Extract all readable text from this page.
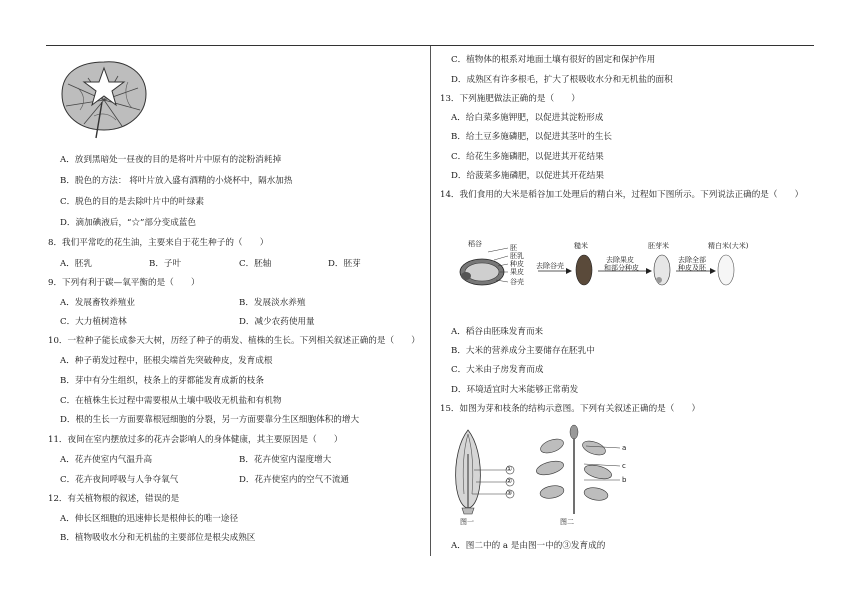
A．放到黑暗处一昼夜的目的是将叶片中原有的淀粉消耗掉
B．脱色的方法： 将叶片放入盛有酒精的小烧杯中，隔水加热
C．脱色的目的是去除叶片中的叶绿素
D．滴加碘液后，“☆”部分变成蓝色
8．我们平常吃的花生油，主要来自于花生种子的（　　）
A．胚乳	B．子叶	C．胚轴	D．胚芽
9．下列有利于碳—氧平衡的是（　　）
A．发展畜牧养殖业	B．发展淡水养殖
C．大力植树造林	D．减少农药使用量
10．一粒种子能长成参天大树，历经了种子的萌发、植株的生长。下列相关叙述正确的是（　　）
A．种子萌发过程中，胚根尖端首先突破种皮，发育成根
B．芽中有分生组织，枝条上的芽都能发育成新的枝条
C．在植株生长过程中需要根从土壤中吸收无机盐和有机物
D．根的生长一方面要靠根冠细胞的分裂，另一方面要靠分生区细胞体积的增大
11．夜间在室内摆放过多的花卉会影响人的身体健康，其主要原因是（　　）
A．花卉使室内气温升高	B．花卉使室内湿度增大
C．花卉夜间呼吸与人争夺氧气	D．花卉使室内的空气不流通
12．有关植物根的叙述，错误的是
A．伸长区细胞的迅速伸长是根伸长的唯一途径
B．植物吸收水分和无机盐的主要部位是根尖成熟区
C．植物体的根系对地面土壤有很好的固定和保护作用
D．成熟区有许多根毛，扩大了根吸收水分和无机盐的面积
13．下列施肥做法正确的是（　　）
A．给白菜多施钾肥，以促进其淀粉形成
B．给土豆多施磷肥，以促进其茎叶的生长
C．给花生多施磷肥，以促进其开花结果
D．给菠菜多施磷肥，以促进其开花结果
14．我们食用的大米是稻谷加工处理后的精白米，过程如下图所示。下列说法正确的是（　　）
稻谷	胚
胚乳
种皮
果皮
谷壳
去除谷壳
糙米
去除果皮
和部分种皮
胚芽米
去除全部
种皮及胚
精白米(大米)
A．稻谷由胚珠发育而来
B．大米的营养成分主要储存在胚乳中
C．大米由子房发育而成
D．环境适宜时大米能够正常萌发
15．如图为芽和枝条的结构示意图。下列有关叙述正确的是（　　）
①
②
③
a
c
b
图一	图二
A．图二中的 a 是由图一中的③发育成的
